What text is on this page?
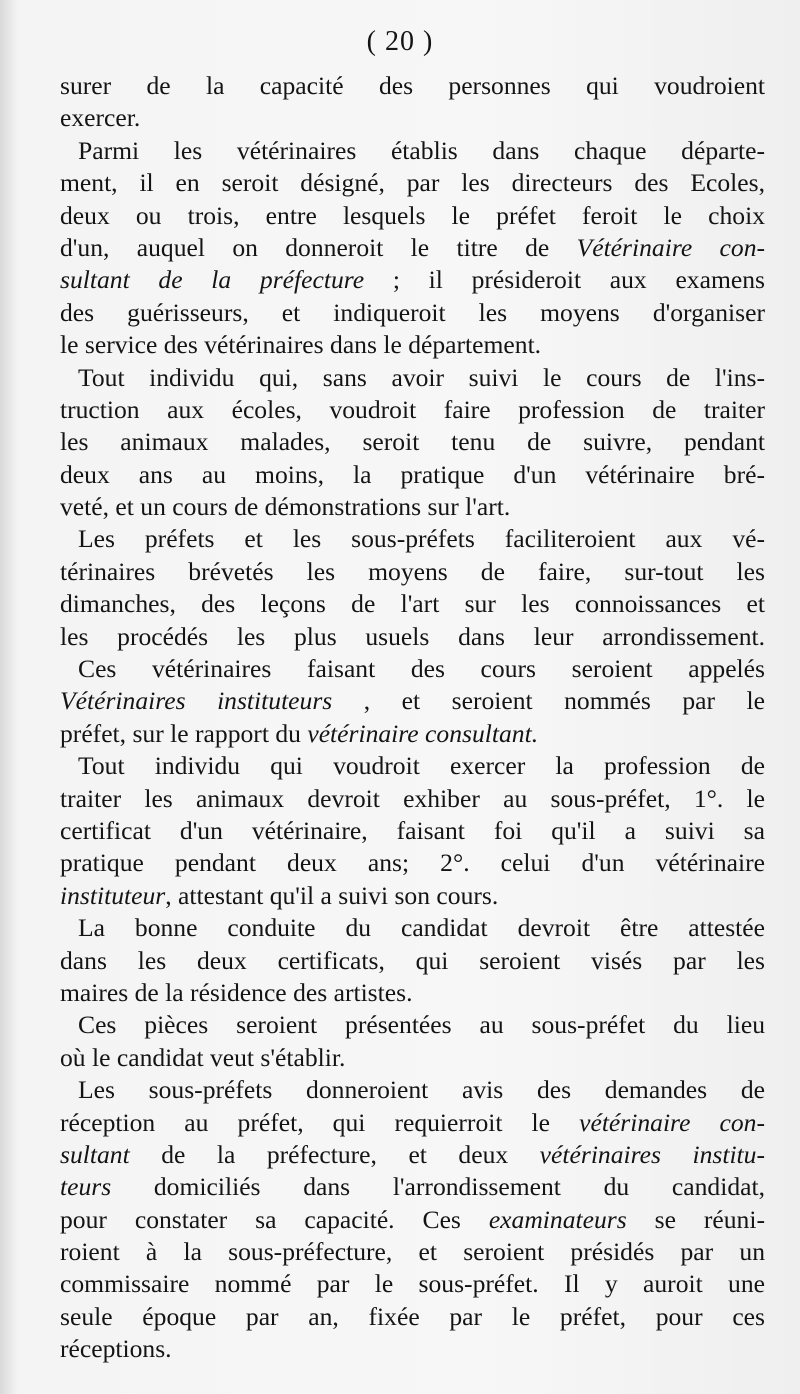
( 20 )
surer de la capacité des personnes qui voudroient
exercer.
Parmi les vétérinaires établis dans chaque départe-
ment, il en seroit désigné, par les directeurs des Ecoles,
deux ou trois, entre lesquels le préfet feroit le choix
d'un, auquel on donneroit le titre de Vétérinaire con-
sultant de la préfecture ; il présideroit aux examens
des guérisseurs, et indiqueroit les moyens d'organiser
le service des vétérinaires dans le département.
Tout individu qui, sans avoir suivi le cours de l'ins-
truction aux écoles, voudroit faire profession de traiter
les animaux malades, seroit tenu de suivre, pendant
deux ans au moins, la pratique d'un vétérinaire bré-
veté, et un cours de démonstrations sur l'art.
Les préfets et les sous-préfets faciliteroient aux vé-
térinaires brévetés les moyens de faire, sur-tout les
dimanches, des leçons de l'art sur les connoissances et
les procédés les plus usuels dans leur arrondissement.
Ces vétérinaires faisant des cours seroient appelés
Vétérinaires instituteurs , et seroient nommés par le
préfet, sur le rapport du vétérinaire consultant.
Tout individu qui voudroit exercer la profession de
traiter les animaux devroit exhiber au sous-préfet, 1°. le
certificat d'un vétérinaire, faisant foi qu'il a suivi sa
pratique pendant deux ans; 2°. celui d'un vétérinaire
instituteur, attestant qu'il a suivi son cours.
La bonne conduite du candidat devroit être attestée
dans les deux certificats, qui seroient visés par les
maires de la résidence des artistes.
Ces pièces seroient présentées au sous-préfet du lieu
où le candidat veut s'établir.
Les sous-préfets donneroient avis des demandes de
réception au préfet, qui requierroit le vétérinaire con-
sultant de la préfecture, et deux vétérinaires institu-
teurs domiciliés dans l'arrondissement du candidat,
pour constater sa capacité. Ces examinateurs se réuni-
roient à la sous-préfecture, et seroient présidés par un
commissaire nommé par le sous-préfet. Il y auroit une
seule époque par an, fixée par le préfet, pour ces
réceptions.
